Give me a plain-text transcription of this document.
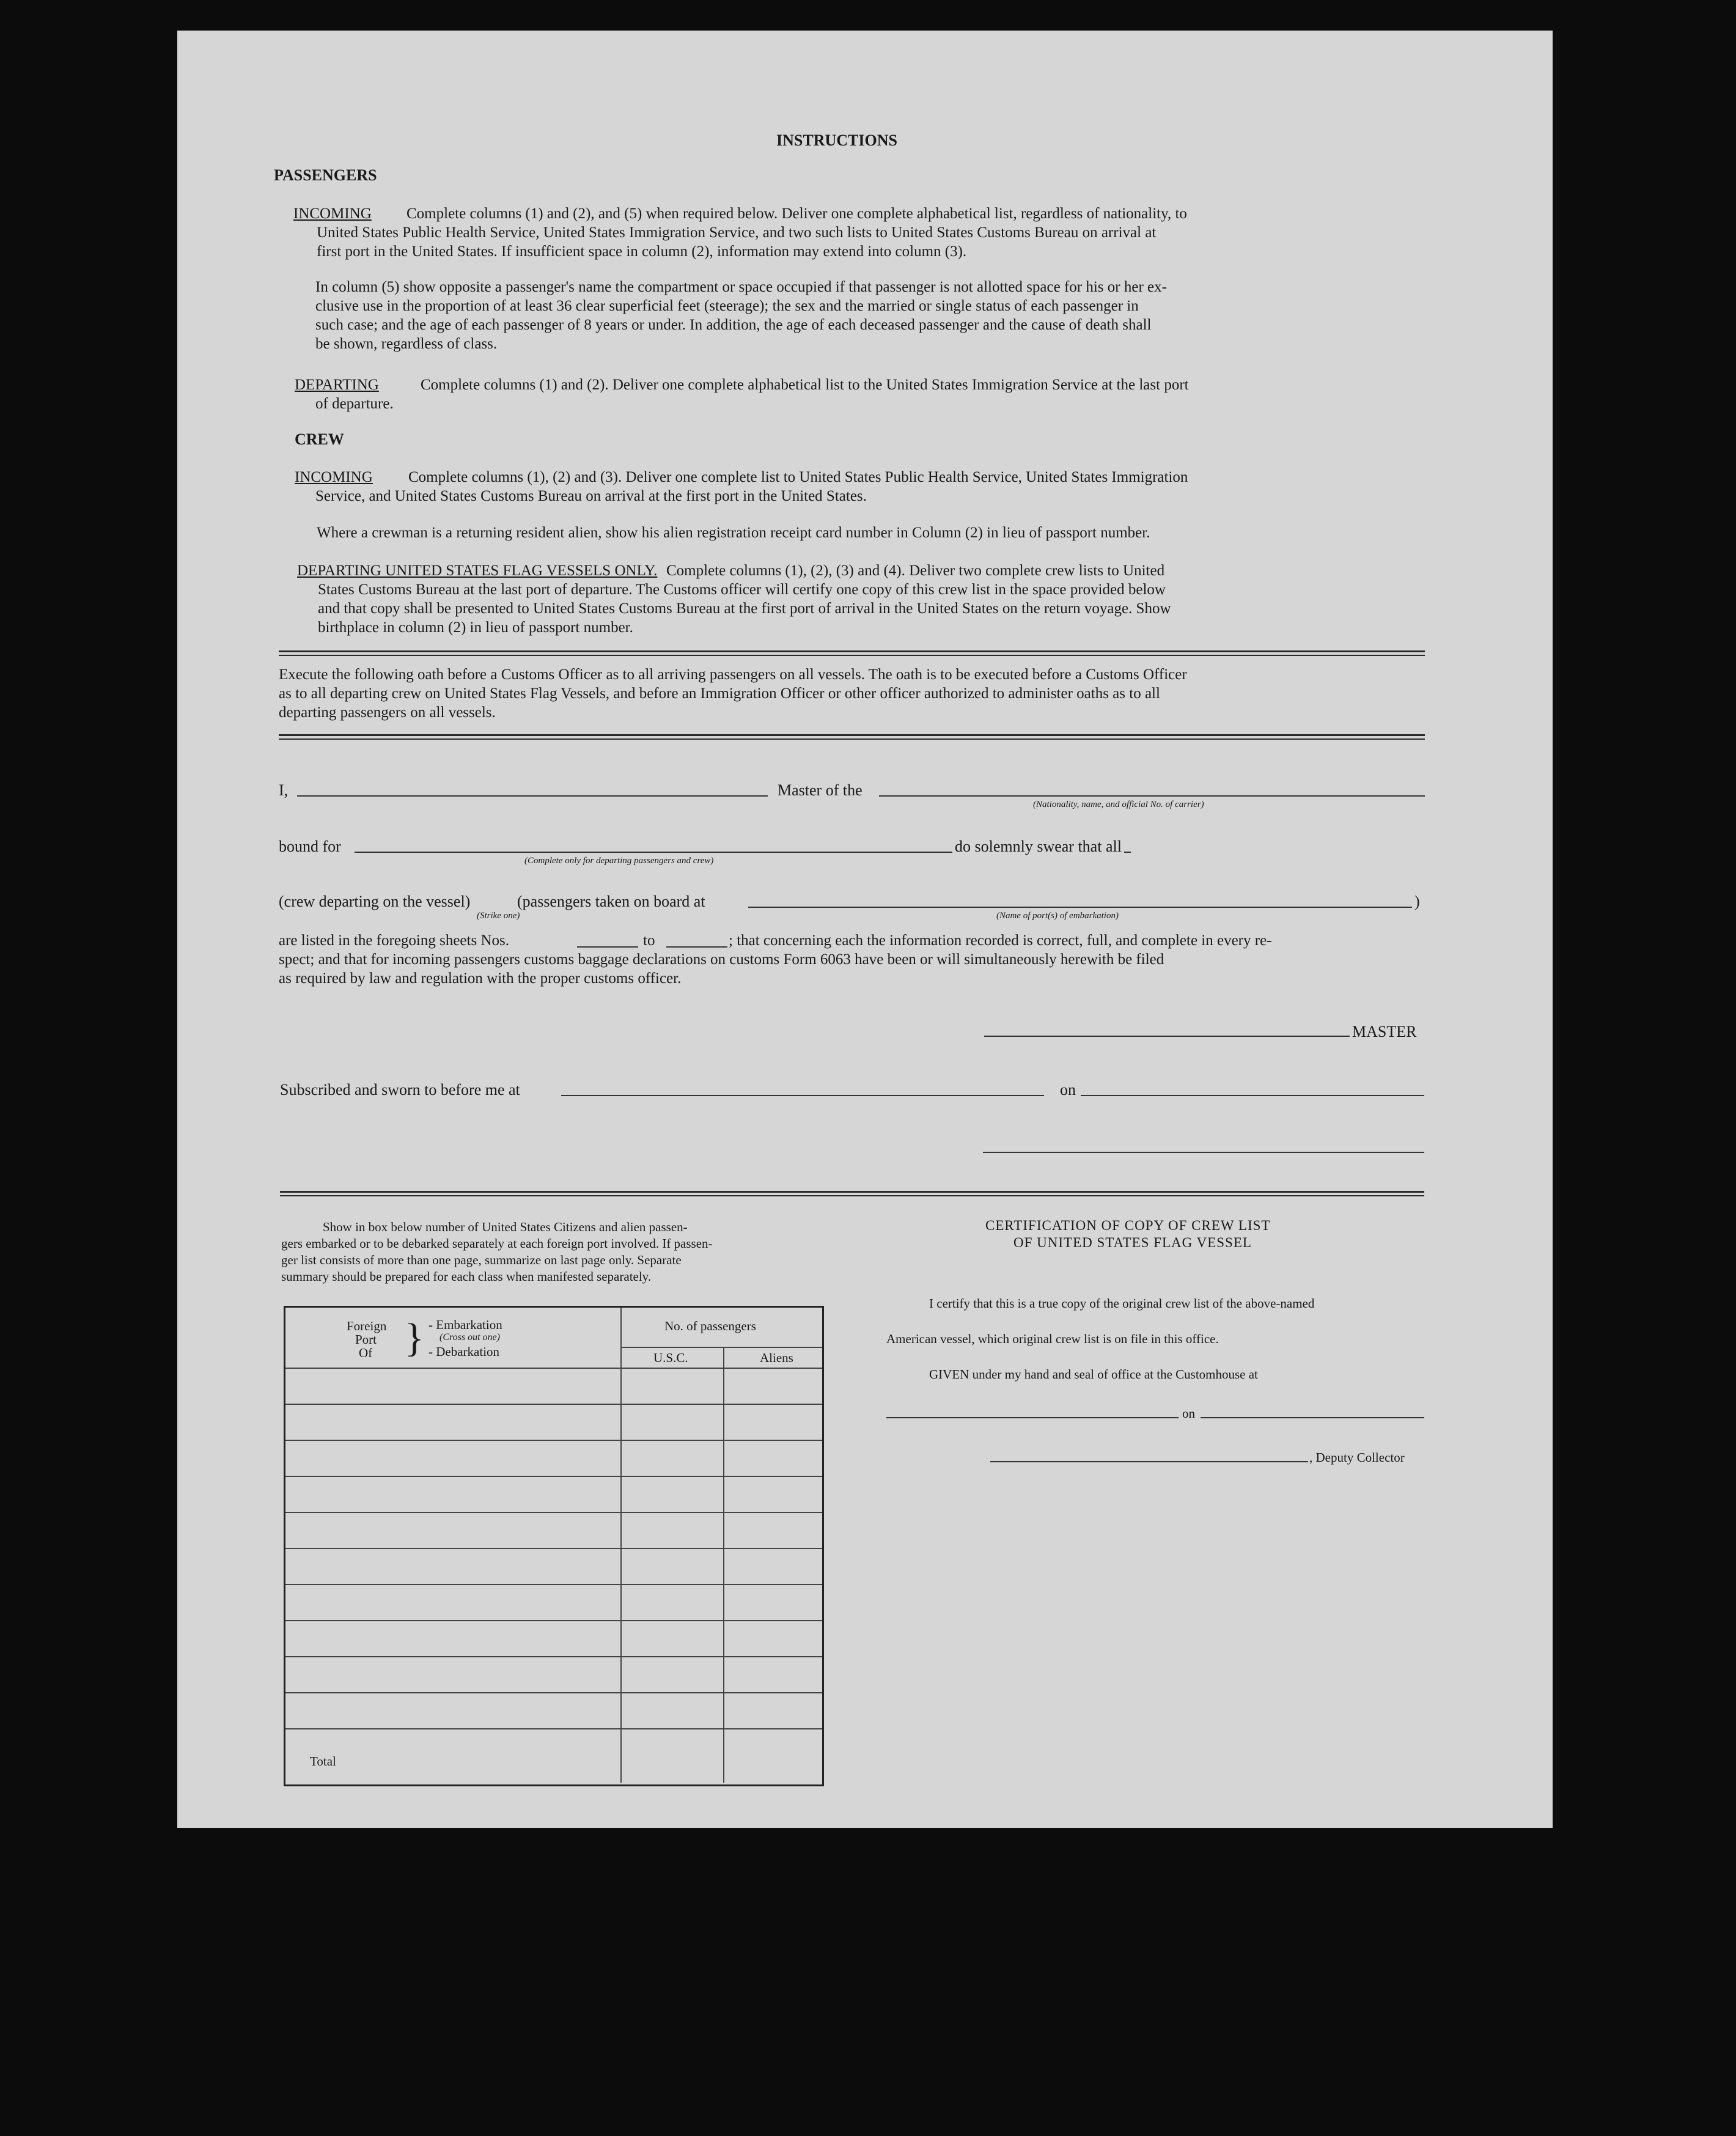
INSTRUCTIONS
PASSENGERS
INCOMING Complete columns (1) and (2), and (5) when required below. Deliver one complete alphabetical list, regardless of nationality, to
United States Public Health Service, United States Immigration Service, and two such lists to United States Customs Bureau on arrival at
first port in the United States. If insufficient space in column (2), information may extend into column (3).
In column (5) show opposite a passenger's name the compartment or space occupied if that passenger is not allotted space for his or her ex-
clusive use in the proportion of at least 36 clear superficial feet (steerage); the sex and the married or single status of each passenger in
such case; and the age of each passenger of 8 years or under. In addition, the age of each deceased passenger and the cause of death shall
be shown, regardless of class.
DEPARTING	Complete columns (1) and (2). Deliver one complete alphabetical list to the United States Immigration Service at the last port
of departure.
CREW
INCOMING Complete columns (1), (2) and (3). Deliver one complete list to United States Public Health Service, United States Immigration
Service, and United States Customs Bureau on arrival at the first port in the United States.
Where a crewman is a returning resident alien, show his alien registration receipt card number in Column (2) in lieu of passport number.
DEPARTING UNITED STATES FLAG VESSELS ONLY. Complete columns (1), (2), (3) and (4). Deliver two complete crew lists to United
States Customs Bureau at the last port of departure. The Customs officer will certify one copy of this crew list in the space provided below
and that copy shall be presented to United States Customs Bureau at the first port of arrival in the United States on the return voyage. Show
birthplace in column (2) in lieu of passport number.
Execute the following oath before a Customs Officer as to all arriving passengers on all vessels. The oath is to be executed before a Customs Officer
as to all departing crew on United States Flag Vessels, and before an Immigration Officer or other officer authorized to administer oaths as to all
departing passengers on all vessels.
I,	Master of the
(Nationality, name, and official No. of carrier)
bound for
(Complete only for departing passengers and crew)
do solemnly swear that all
(crew departing on the vessel)
(Strike one)
(passengers taken on board at
(Name of port(s) of embarkation)
)
are listed in the foregoing sheets Nos.	to	; that concerning each the information recorded is correct, full, and complete in every re-
spect; and that for incoming passengers customs baggage declarations on customs Form 6063 have been or will simultaneously herewith be filed
as required by law and regulation with the proper customs officer.
MASTER
Subscribed and sworn to before me at	on
Show in box below number of United States Citizens and alien passen-
gers embarked or to be debarked separately at each foreign port involved. If passen-
ger list consists of more than one page, summarize on last page only. Separate
summary should be prepared for each class when manifested separately.
Foreign
Port
Of } - Embarkation
(Cross out one)
- Debarkation
No. of passengers
U.S.C.	Aliens
Total
CERTIFICATION OF COPY OF CREW LIST
OF UNITED STATES FLAG VESSEL
I certify that this is a true copy of the original crew list of the above-named
American vessel, which original crew list is on file in this office.
GIVEN under my hand and seal of office at the Customhouse at
on
, Deputy Collector
